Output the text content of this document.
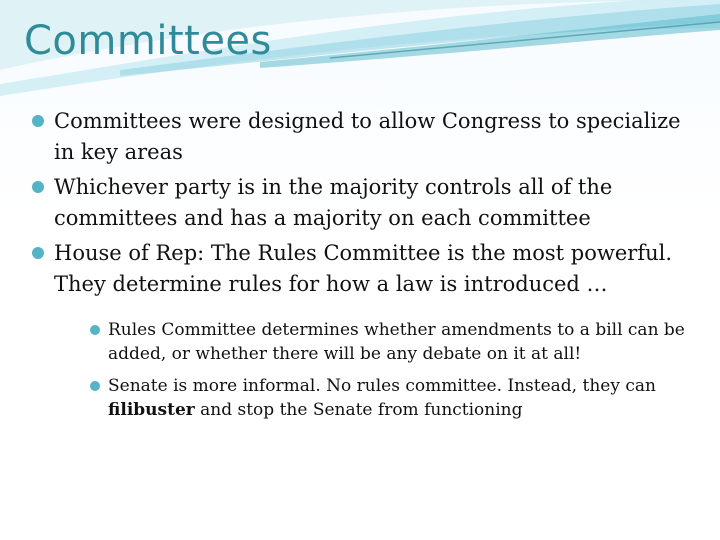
Committees

Committees were designed to allow Congress to specialize in key areas

Whichever party is in the majority controls all of the committees and has a majority on each committee

House of Rep: The Rules Committee is the most powerful. They determine rules for how a law is introduced …

Rules Committee determines whether amendments to a bill can be added, or whether there will be any debate on it at all!

Senate is more informal. No rules committee. Instead, they can filibuster and stop the Senate from functioning
